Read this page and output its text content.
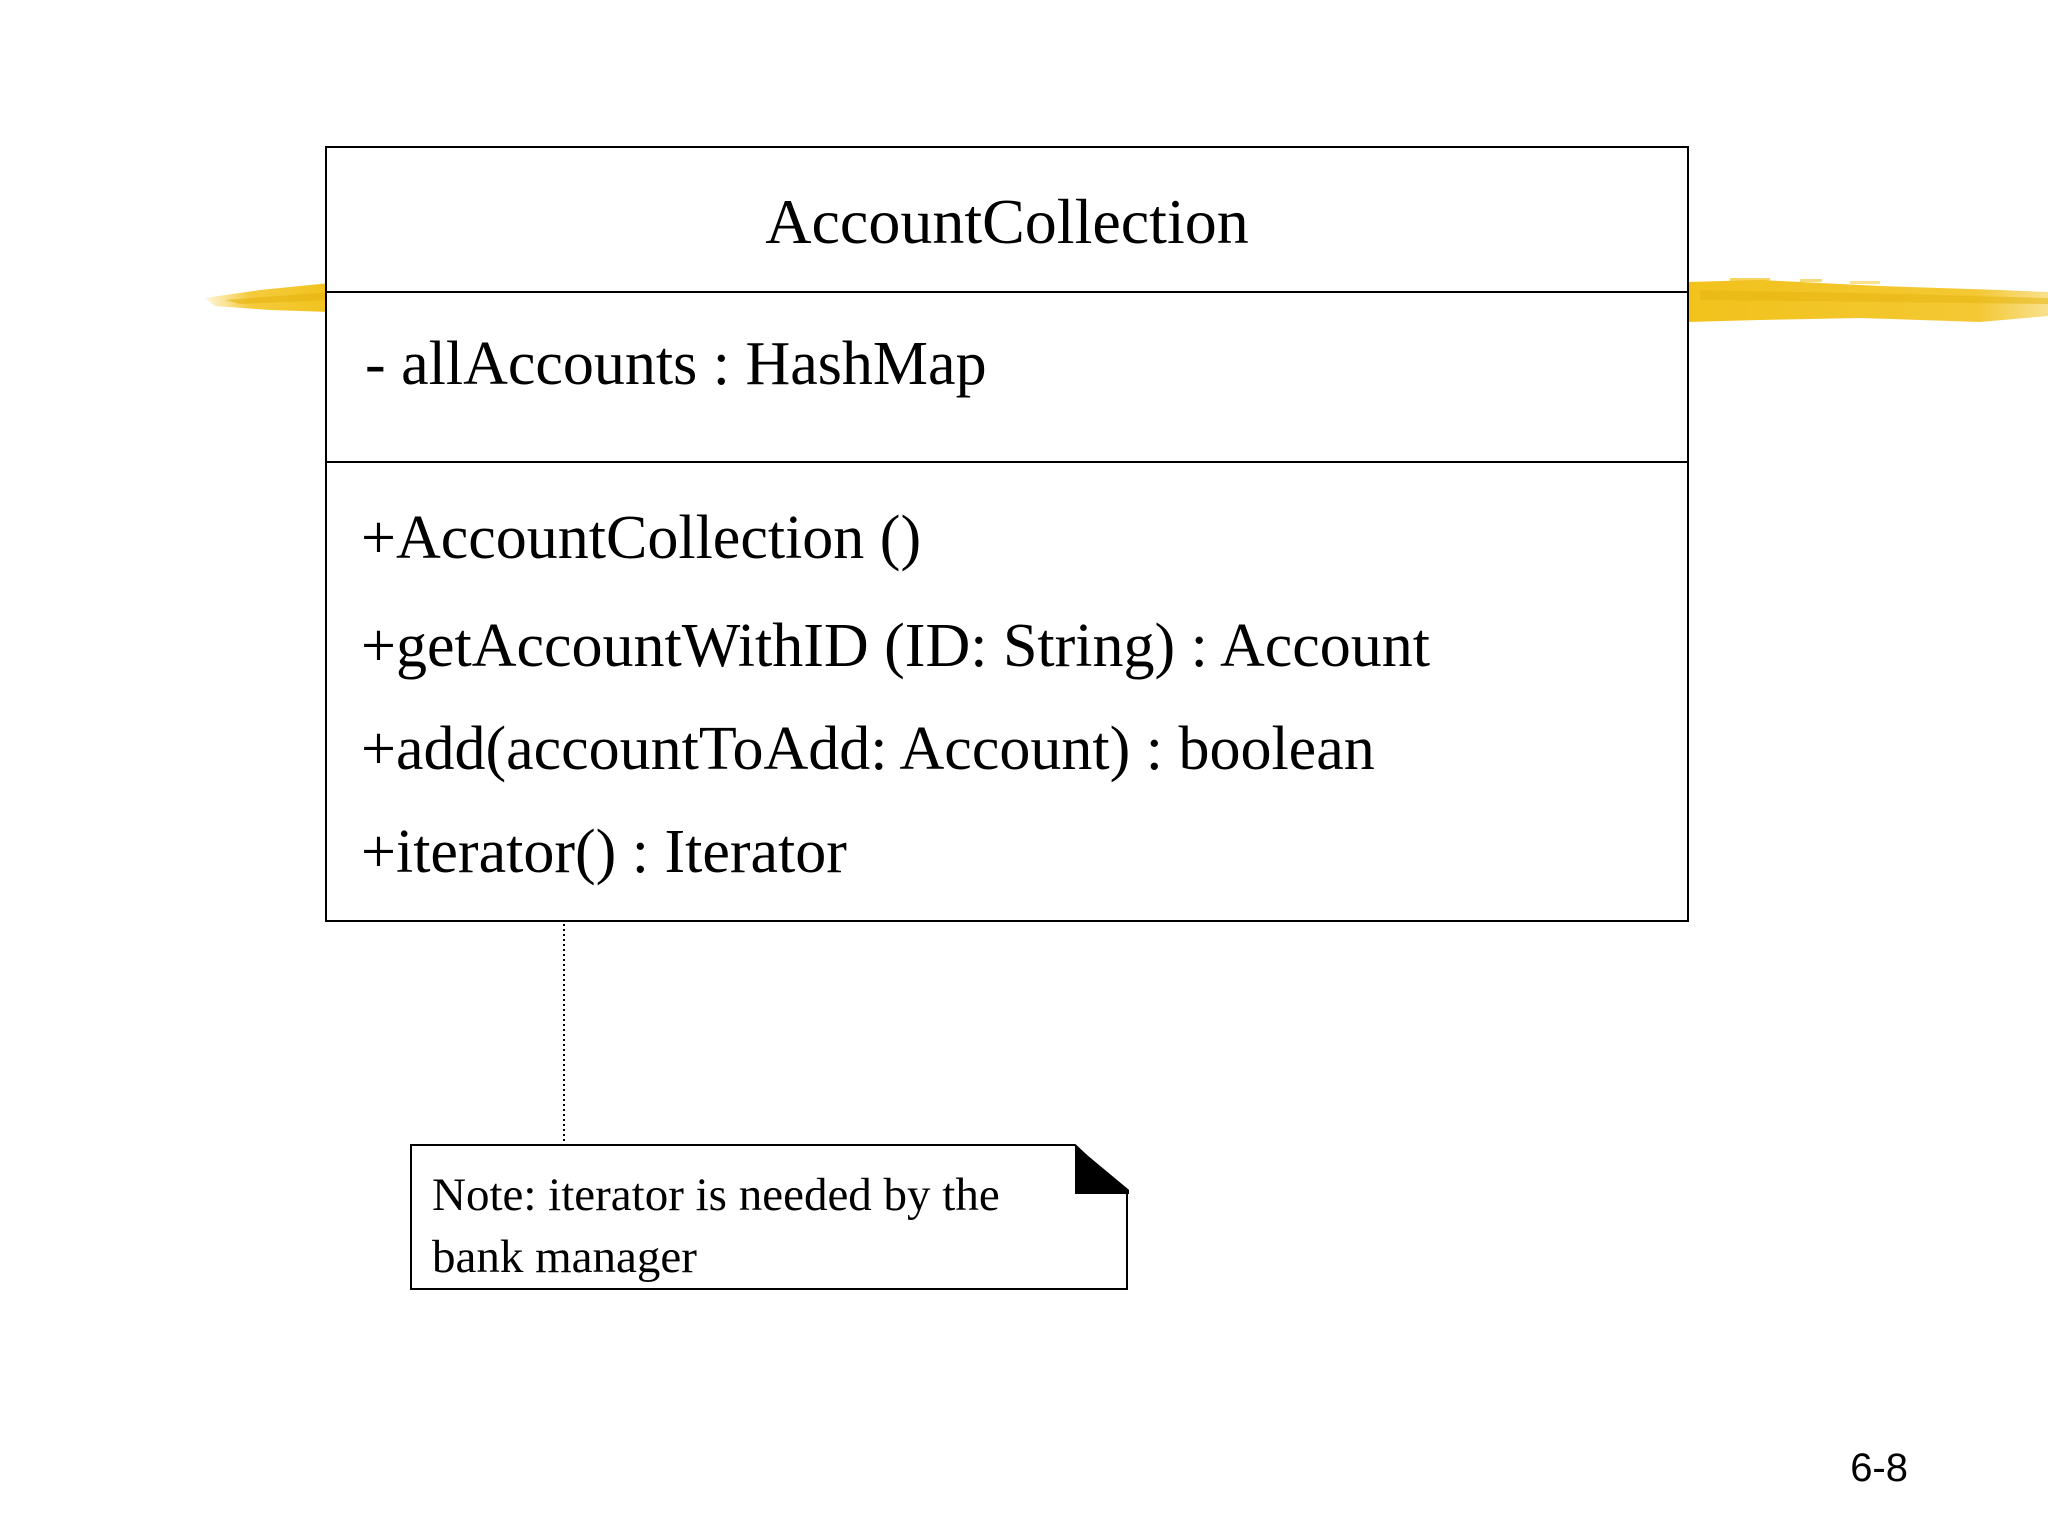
AccountCollection
- allAccounts : HashMap
+AccountCollection ()
+getAccountWithID (ID: String) : Account
+add(accountToAdd: Account) : boolean
+iterator() : Iterator
Note: iterator is needed by the
bank manager
6-8
